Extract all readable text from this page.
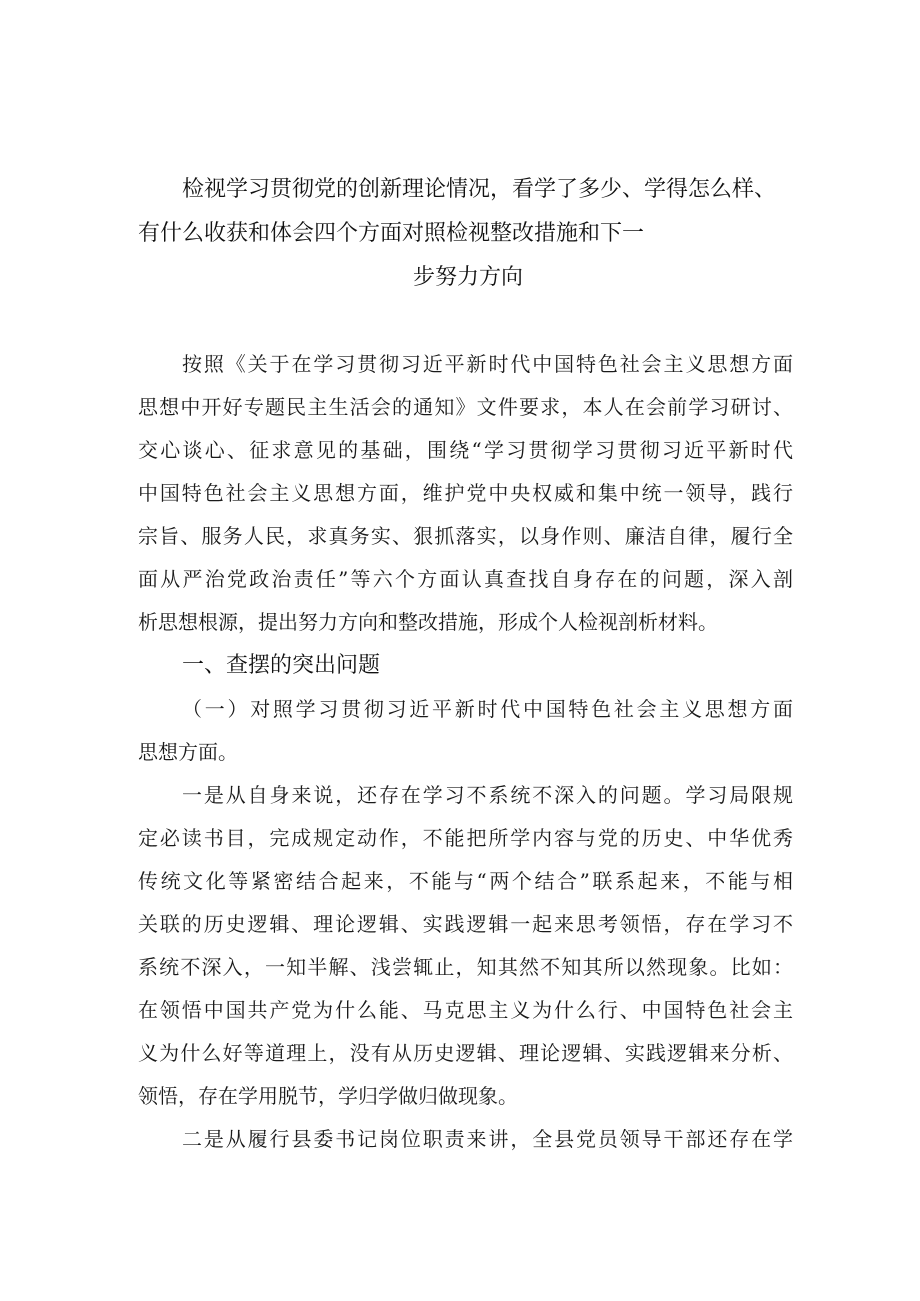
检视学习贯彻党的创新理论情况，看学了多少、学得怎么样、
有什么收获和体会四个方面对照检视整改措施和下一
步努力方向
按照《关于在学习贯彻习近平新时代中国特色社会主义思想方面
思想中开好专题民主生活会的通知》文件要求，本人在会前学习研讨、
交心谈心、征求意见的基础，围绕“学习贯彻学习贯彻习近平新时代
中国特色社会主义思想方面，维护党中央权威和集中统一领导，践行
宗旨、服务人民，求真务实、狠抓落实，以身作则、廉洁自律，履行全
面从严治党政治责任”等六个方面认真查找自身存在的问题，深入剖
析思想根源，提出努力方向和整改措施，形成个人检视剖析材料。
一、查摆的突出问题
（一）对照学习贯彻习近平新时代中国特色社会主义思想方面
思想方面。
一是从自身来说，还存在学习不系统不深入的问题。学习局限规
定必读书目，完成规定动作，不能把所学内容与党的历史、中华优秀
传统文化等紧密结合起来，不能与“两个结合”联系起来，不能与相
关联的历史逻辑、理论逻辑、实践逻辑一起来思考领悟，存在学习不
系统不深入，一知半解、浅尝辄止，知其然不知其所以然现象。比如：
在领悟中国共产党为什么能、马克思主义为什么行、中国特色社会主
义为什么好等道理上，没有从历史逻辑、理论逻辑、实践逻辑来分析、
领悟，存在学用脱节，学归学做归做现象。
二是从履行县委书记岗位职责来讲，全县党员领导干部还存在学
